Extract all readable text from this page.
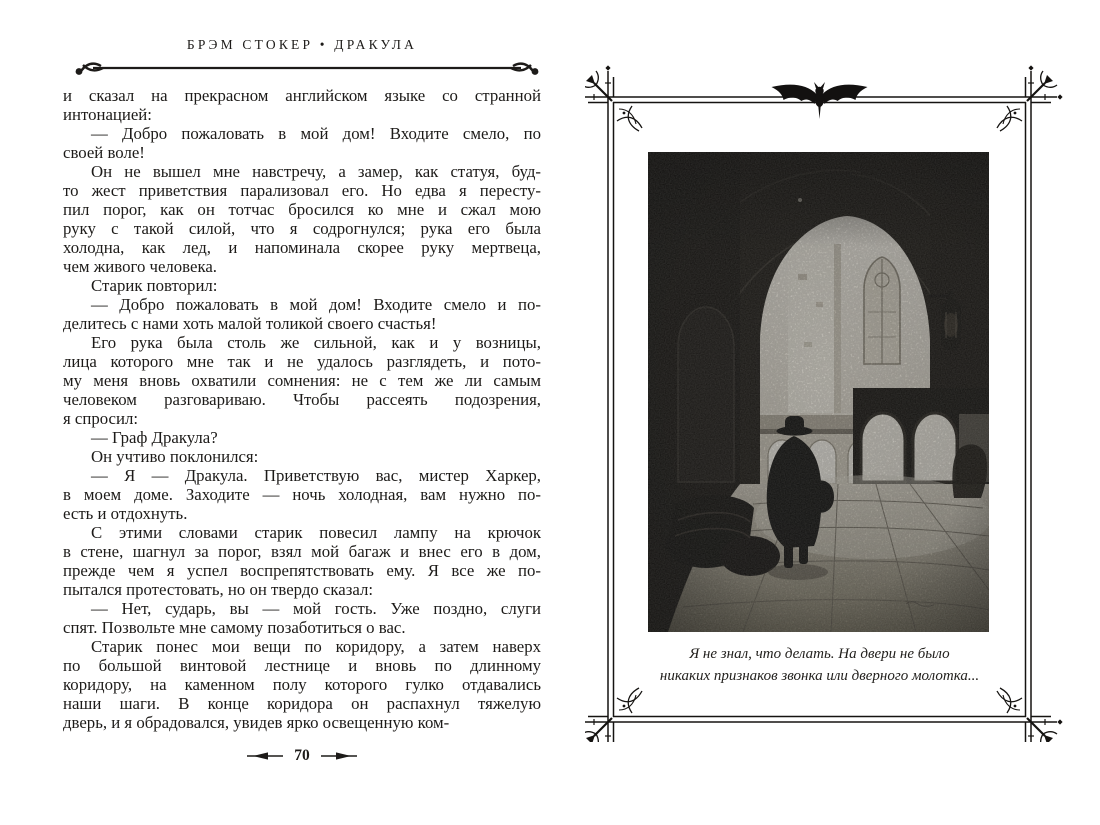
БРЭМ СТОКЕР • ДРАКУЛА
и сказал на прекрасном английском языке со странной
интонацией:
— Добро пожаловать в мой дом! Входите смело, по
своей воле!
Он не вышел мне навстречу, а замер, как статуя, буд-
то жест приветствия парализовал его. Но едва я пересту-
пил порог, как он тотчас бросился ко мне и сжал мою
руку с такой силой, что я содрогнулся; рука его была
холодна, как лед, и напоминала скорее руку мертвеца,
чем живого человека.
Старик повторил:
— Добро пожаловать в мой дом! Входите смело и по-
делитесь с нами хоть малой толикой своего счастья!
Его рука была столь же сильной, как и у возницы,
лица которого мне так и не удалось разглядеть, и пото-
му меня вновь охватили сомнения: не с тем же ли самым
человеком разговариваю. Чтобы рассеять подозрения,
я спросил:
— Граф Дракула?
Он учтиво поклонился:
— Я — Дракула. Приветствую вас, мистер Харкер,
в моем доме. Заходите — ночь холодная, вам нужно по-
есть и отдохнуть.
С этими словами старик повесил лампу на крючок
в стене, шагнул за порог, взял мой багаж и внес его в дом,
прежде чем я успел воспрепятствовать ему. Я все же по-
пытался протестовать, но он твердо сказал:
— Нет, сударь, вы — мой гость. Уже поздно, слуги
спят. Позвольте мне самому позаботиться о вас.
Старик понес мои вещи по коридору, а затем наверх
по большой винтовой лестнице и вновь по длинному
коридору, на каменном полу которого гулко отдавались
наши шаги. В конце коридора он распахнул тяжелую
дверь, и я обрадовался, увидев ярко освещенную ком-
70
Я не знал, что делать. На двери не было
никаких признаков звонка или дверного молотка...
